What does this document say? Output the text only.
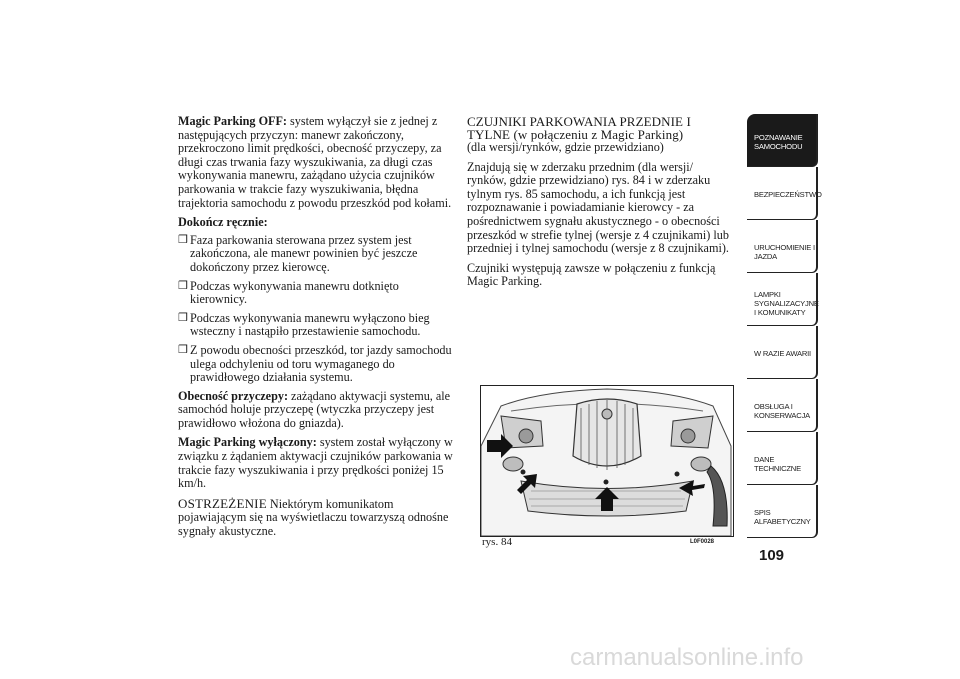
Magic Parking OFF: system wyłączył sie z jednej z następujących przyczyn: manewr zakończony, przekroczono limit prędkości, obecność przyczepy, za długi czas trwania fazy wyszukiwania, za długi czas wykonywania manewru, zażądano użycia czujników parkowania w trakcie fazy wyszukiwania, błędna trajektoria samochodu z powodu przeszkód pod kołami.

Dokończ ręcznie:

❒ Faza parkowania sterowana przez system jest zakończona, ale manewr powinien być jeszcze dokończony przez kierowcę.
❒ Podczas wykonywania manewru dotknięto kierownicy.
❒ Podczas wykonywania manewru wyłączono bieg wsteczny i nastąpiło przestawienie samochodu.
❒ Z powodu obecności przeszkód, tor jazdy samochodu ulega odchyleniu od toru wymaganego do prawidłowego działania systemu.

Obecność przyczepy: zażądano aktywacji systemu, ale samochód holuje przyczepę (wtyczka przyczepy jest prawidłowo włożona do gniazda).

Magic Parking wyłączony: system został wyłączony w związku z żądaniem aktywacji czujników parkowania w trakcie fazy wyszukiwania i przy prędkości poniżej 15 km/h.

OSTRZEŻENIE Niektórym komunikatom pojawiającym się na wyświetlaczu towarzyszą odnośne sygnały akustyczne.

CZUJNIKI PARKOWANIA PRZEDNIE I TYLNE (w połączeniu z Magic Parking)

(dla wersji/rynków, gdzie przewidziano)

Znajdują się w zderzaku przednim (dla wersji/ rynków, gdzie przewidziano) rys. 84 i w zderzaku tylnym rys. 85 samochodu, a ich funkcją jest rozpoznawanie i powiadamianie kierowcy - za pośrednictwem sygnału akustycznego - o obecności przeszkód w strefie tylnej (wersje z 4 czujnikami) lub przedniej i tylnej samochodu (wersje z 8 czujnikami).

Czujniki występują zawsze w połączeniu z funkcją Magic Parking.

rys. 84	L0F0028
POZNAWANIE SAMOCHODU
BEZPIECZEŃSTWO
URUCHOMIENIE I JAZDA
LAMPKI SYGNALIZACYJNE I KOMUNIKATY
W RAZIE AWARII
OBSŁUGA I KONSERWACJA
DANE TECHNICZNE
SPIS ALFABETYCZNY
109
carmanualsonline.info
